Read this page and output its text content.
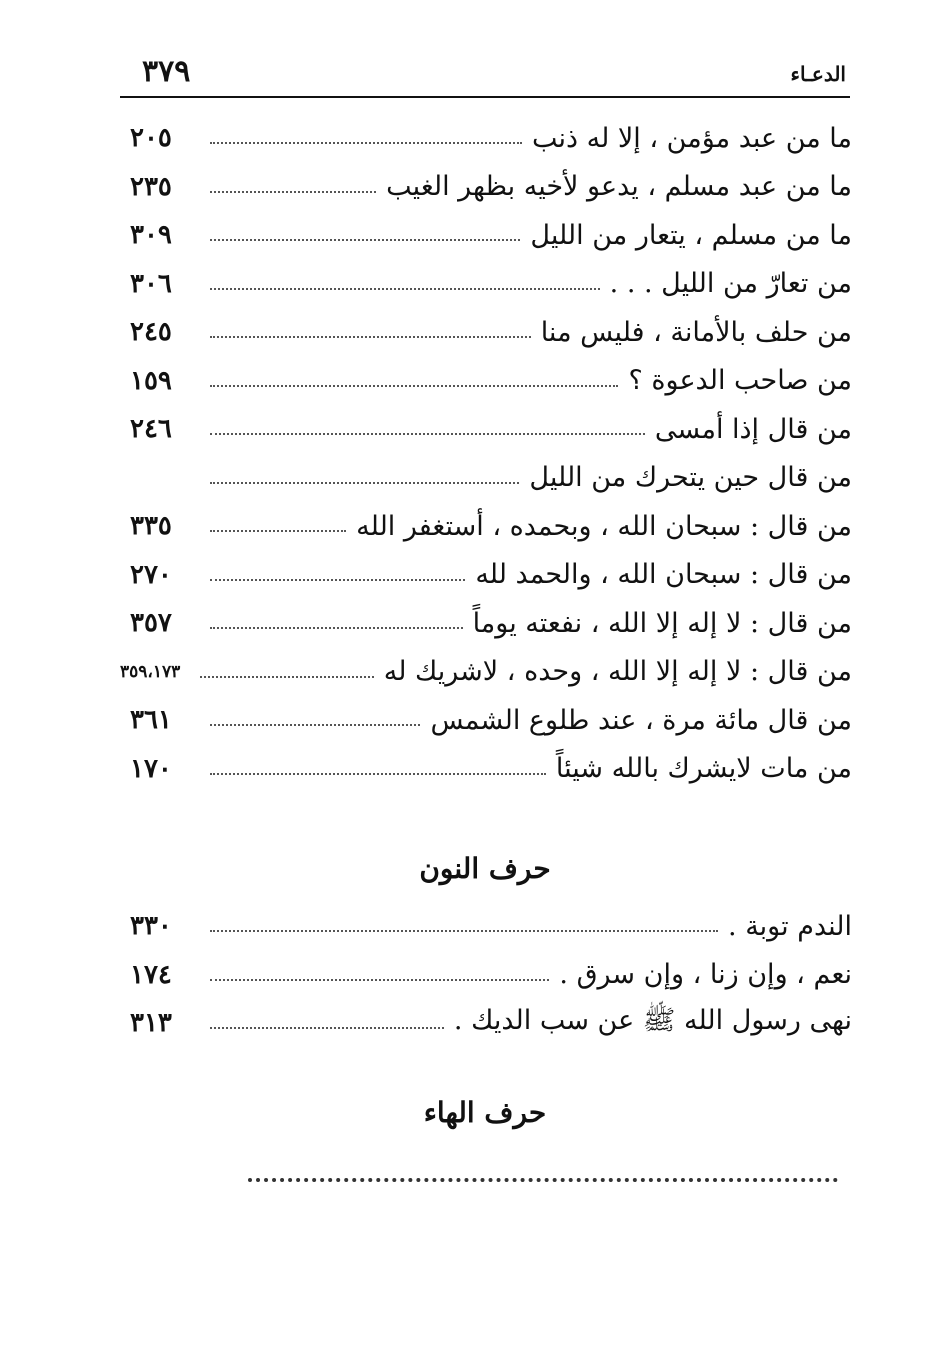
٣٧٩	الدعـاء
ما من عبد مؤمن ، إلا له ذنب
٢٠٥
ما من عبد مسلم ، يدعو لأخيه بظهر الغيب
٢٣٥
ما من مسلم ، يتعار من الليل
٣٠٩
من تعارّ من الليل . . .
٣٠٦
من حلف بالأمانة ، فليس منا
٢٤٥
من صاحب الدعوة ؟
١٥٩
من قال إذا أمسى
٢٤٦
من قال حين يتحرك من الليل
من قال : سبحان الله ، وبحمده ، أستغفر الله
٣٣٥
من قال : سبحان الله ، والحمد لله
٢٧٠
من قال : لا إله إلا الله ، نفعته يوماً
٣٥٧
من قال : لا إله إلا الله ، وحده ، لاشريك له
٣٥٩،١٧٣
من قال مائة مرة ، عند طلوع الشمس
٣٦١
من مات لايشرك بالله شيئاً
١٧٠
حرف النون
الندم توبة .
٣٣٠
نعم ، وإن زنا ، وإن سرق .
١٧٤
نهى رسول الله ﷺ عن سب الديك .
٣١٣
حرف الهاء
